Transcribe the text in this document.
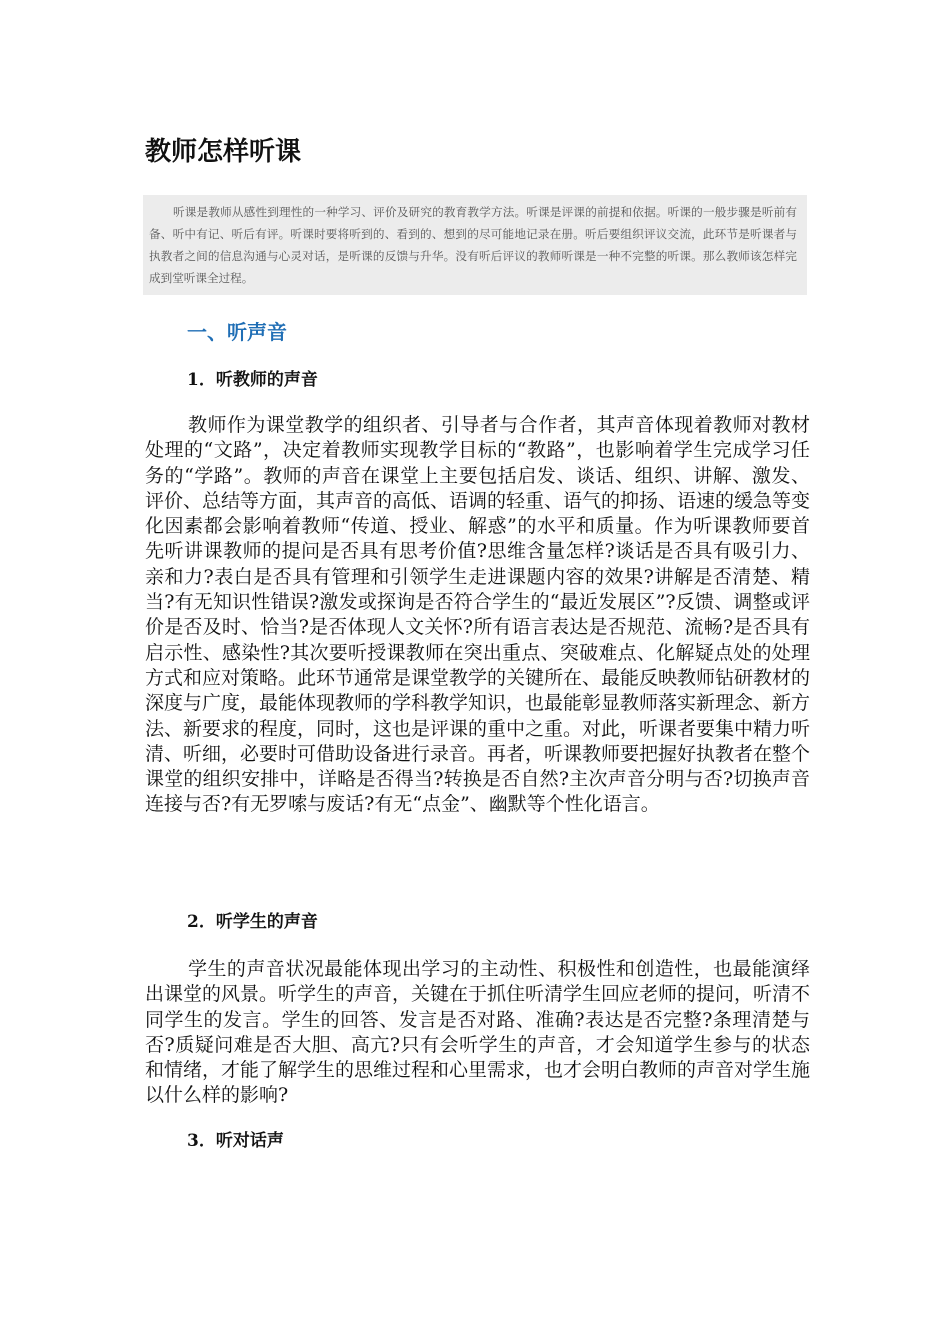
教师怎样听课

听课是教师从感性到理性的一种学习、评价及研究的教育教学方法。听课是评课的前提和依据。听课的一般步骤是听前有备、听中有记、听后有评。听课时要将听到的、看到的、想到的尽可能地记录在册。听后要组织评议交流，此环节是听课者与执教者之间的信息沟通与心灵对话，是听课的反馈与升华。没有听后评议的教师听课是一种不完整的听课。那么教师该怎样完成到堂听课全过程。

一、听声音
1．听教师的声音

教师作为课堂教学的组织者、引导者与合作者，其声音体现着教师对教材处理的“文路”，决定着教师实现教学目标的“教路”，也影响着学生完成学习任务的“学路”。教师的声音在课堂上主要包括启发、谈话、组织、讲解、激发、评价、总结等方面，其声音的高低、语调的轻重、语气的抑扬、语速的缓急等变化因素都会影响着教师“传道、授业、解惑”的水平和质量。作为听课教师要首先听讲课教师的提问是否具有思考价值?思维含量怎样?谈话是否具有吸引力、亲和力?表白是否具有管理和引领学生走进课题内容的效果?讲解是否清楚、精当?有无知识性错误?激发或探询是否符合学生的“最近发展区”?反馈、调整或评价是否及时、恰当?是否体现人文关怀?所有语言表达是否规范、流畅?是否具有启示性、感染性?其次要听授课教师在突出重点、突破难点、化解疑点处的处理方式和应对策略。此环节通常是课堂教学的关键所在、最能反映教师钻研教材的深度与广度，最能体现教师的学科教学知识，也最能彰显教师落实新理念、新方法、新要求的程度，同时，这也是评课的重中之重。对此，听课者要集中精力听清、听细，必要时可借助设备进行录音。再者，听课教师要把握好执教者在整个课堂的组织安排中，详略是否得当?转换是否自然?主次声音分明与否?切换声音连接与否?有无罗嗦与废话?有无“点金”、幽默等个性化语言。

2．听学生的声音

学生的声音状况最能体现出学习的主动性、积极性和创造性，也最能演绎出课堂的风景。听学生的声音，关键在于抓住听清学生回应老师的提问，听清不同学生的发言。学生的回答、发言是否对路、准确?表达是否完整?条理清楚与否?质疑问难是否大胆、高亢?只有会听学生的声音，才会知道学生参与的状态和情绪，才能了解学生的思维过程和心里需求，也才会明白教师的声音对学生施以什么样的影响?

3．听对话声
